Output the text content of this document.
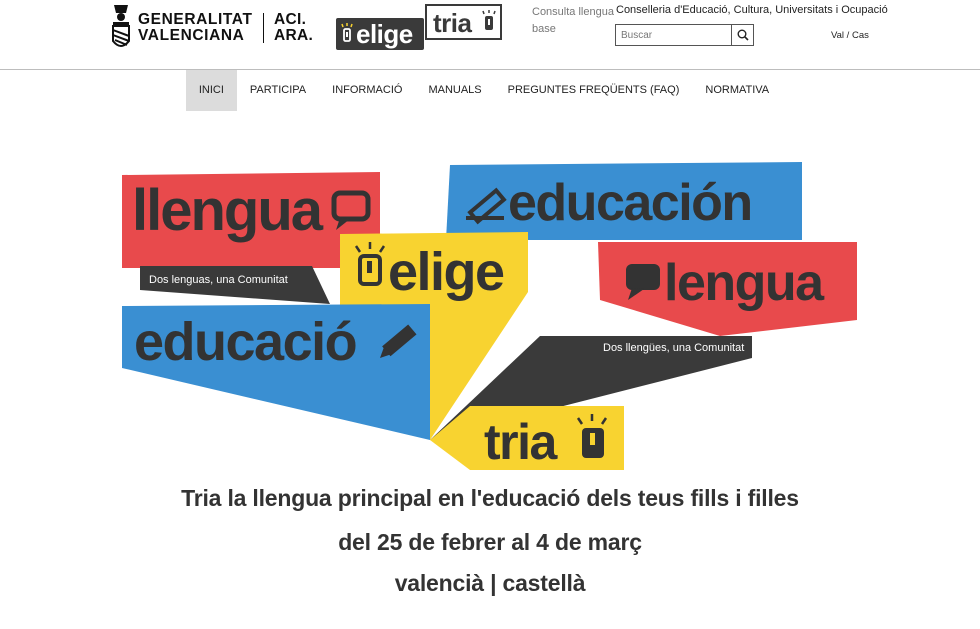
GENERALITAT
VALENCIANA
ACI.
ARA. elige tria	Consulta llengua base
Conselleria d'Educació, Cultura, Universitats i Ocupació
Buscar
Val / Cas
INICI	PARTICIPA	INFORMACIÓ	MANUALS	PREGUNTES FREQÜENTS (FAQ)	NORMATIVA
llengua
Dos lenguas, una Comunitat
educación
elige	lengua
educació	Dos llengües, una Comunitat
tria
Tria la llengua principal en l'educació dels teus fills i filles
del 25 de febrer al 4 de març
valencià | castellà
